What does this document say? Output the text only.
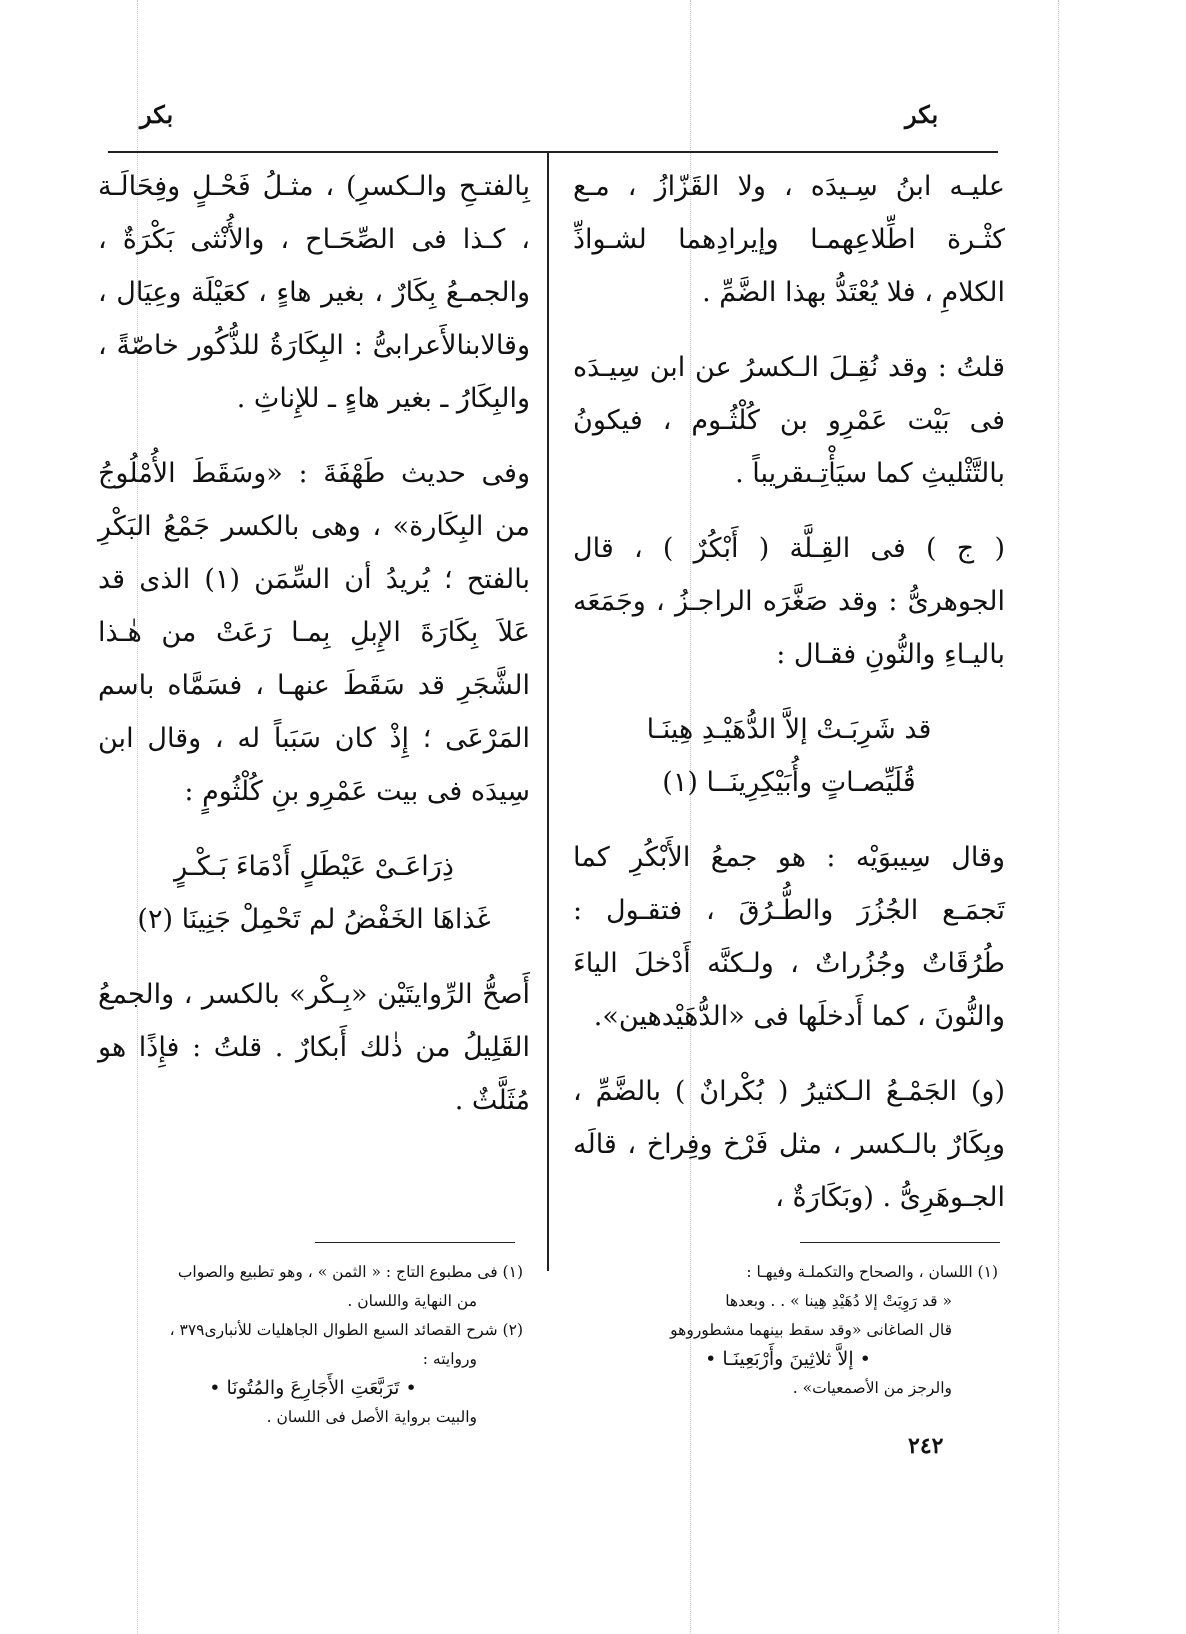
بكر	بكر

عليـه ابنُ سِـيدَه ، ولا القَزّازُ ، مـع كثْـرة اطِّلاعِهمـا وإيرادِهما لشـواذِّ الكلامِ ، فلا يُعْتَدُّ بهذا الضَّمِّ .

قلتُ : وقد نُقِـلَ الـكسرُ عن ابن سِيـدَه فى بَيْت عَمْرِو بن كُلْثُـوم ، فيكونُ بالتَّثْليثِ كما سيَأْتِـىقريباً .

( ج ) فى القِـلَّة ( أَبْكُرٌ ) ، قال الجوهرىُّ : وقد صَغَّرَه الراجـزُ ، وجَمَعَه باليـاءِ والنُّونِ فقـال :

قد شَرِبَـتْ إلاَّ الدُّهَيْـدِ هِينَـا

قُلَيِّصـاتٍ وأُبَيْكِرِينَــا (١)

وقال سِيبوَيْه : هو جمعُ الأَبْكُرِ كما تَجمَـع الجُزُرَ والطُّـرُقَ ، فتقـول : طُرُقَاتٌ وجُزُراتٌ ، ولـكنَّه أَدْخلَ الياءَ والنُّونَ ، كما أَدخلَها فى «الدُّهَيْدهين».

(و) الجَمْـعُ الـكثيرُ ( بُكْرانٌ ) بالضَّمِّ ، وبِكَارٌ بالـكسر ، مثل فَرْخ وفِراخ ، قالَه الجـوهَرِىُّ . (وبَكَارَةٌ ،

بِالفتـحِ والـكسرِ) ، مثـلُ فَحْـلٍ وفِحَالَـة ، كـذا فى الصِّحَـاح ، والأُنْثى بَكْرَةٌ ، والجمـعُ بِكَارٌ ، بغير هاءٍ ، كعَيْلَة وعِيَال ، وقالابنالأَعرابىُّ : البِكَارَةُ للذُّكُور خاصّةً ، والبِكَارُ ـ بغير هاءٍ ـ للإِناثِ .

وفى حديث طَهْفَةَ : «وسَقَطَ الأُمْلُوجُ من البِكَارة» ، وهى بالكسر جَمْعُ البَكْرِ بالفتح ؛ يُريدُ أن السِّمَن (١) الذى قد عَلاَ بِكَارَةَ الإِبلِ بِمـا رَعَتْ من هٰـذا الشَّجَرِ قد سَقَطَ عنهـا ، فسَمَّاه باسم المَرْعَى ؛ إِذْ كان سَبَباً له ، وقال ابن سِيدَه فى بيت عَمْرِو بنِ كُلْثُومٍ :

ذِرَاعَـىْ عَيْطَلٍ أَدْمَاءَ بَـكْـرٍ

غَذاهَا الخَفْضُ لم تَحْمِلْ جَنِينَا (٢)

أَصحُّ الرِّوايتَيْن «بِـكْر» بالكسر ، والجمعُ القَلِيلُ من ذٰلك أَبكارٌ . قلتُ : فإِذًا هو مُثَلَّثٌ .

(١) اللسان ، والصحاح والتكملـة وفيهـا :
« قد رَوِيَتْ إلا دُهَيْدِ هِينا » . . وبعدها
قال الصاغانى «وقد سقط بينهما مشطوروهو
• إلاَّ ثلاثِينَ وأَرْبَعِينَـا •
والرجز من الأصمعيات» .
(١) فى مطبوع التاج : « الثمن » ، وهو تطبيع والصواب
من النهاية واللسان .
(٢) شرح القصائد السبع الطوال الجاهليات للأنبارى٣٧٩ ،
وروايته :
• تَرَبَّعَتِ الأَجَارِعَ والمُتُونَا •
والبيت برواية الأصل فى اللسان .
٢٤٢
